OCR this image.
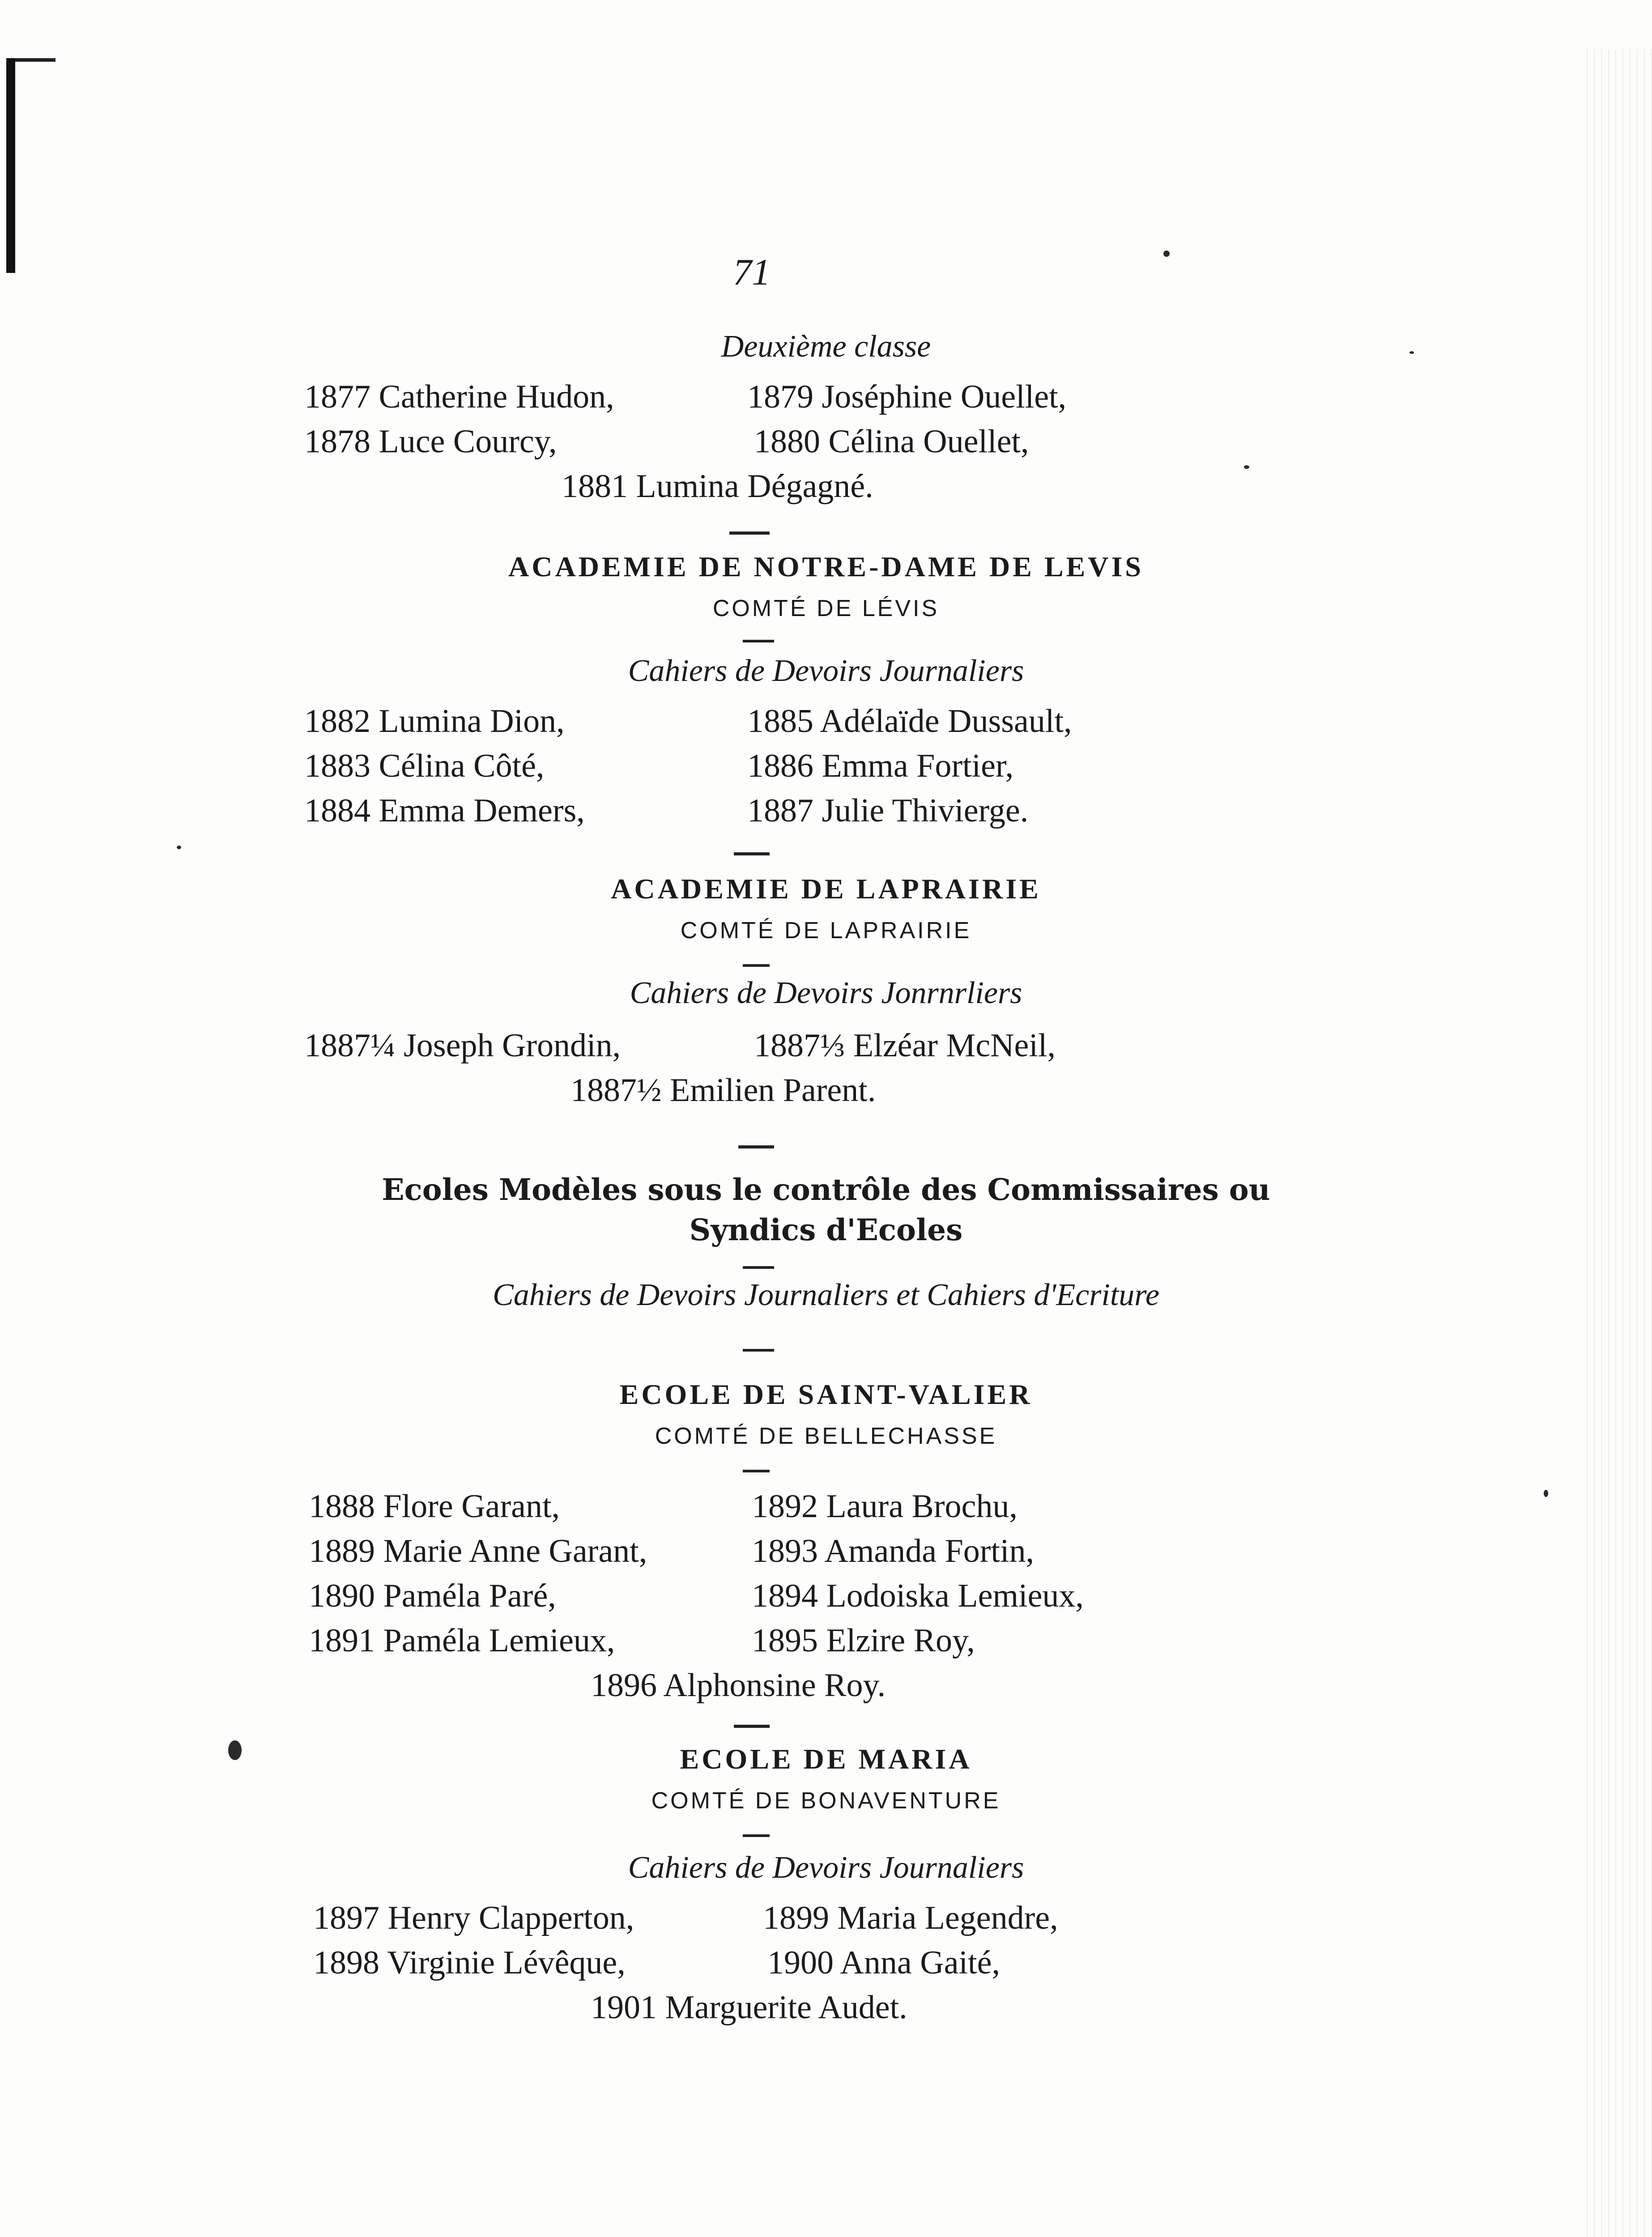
71
Deuxième classe
1877 Catherine Hudon,	1879 Joséphine Ouellet,
1878 Luce Courcy,	1880 Célina Ouellet,
1881 Lumina Dégagné.
ACADEMIE DE NOTRE-DAME DE LEVIS
COMTÉ DE LÉVIS
Cahiers de Devoirs Journaliers
1882 Lumina Dion,	1885 Adélaïde Dussault,
1883 Célina Côté,	1886 Emma Fortier,
1884 Emma Demers,	1887 Julie Thivierge.
ACADEMIE DE LAPRAIRIE
COMTÉ DE LAPRAIRIE
Cahiers de Devoirs Jonrnrliers
1887¼ Joseph Grondin,	1887⅓ Elzéar McNeil,
1887½ Emilien Parent.
Ecoles Modèles sous le contrôle des Commissaires ou
Syndics d'Ecoles
Cahiers de Devoirs Journaliers et Cahiers d'Ecriture
ECOLE DE SAINT-VALIER
COMTÉ DE BELLECHASSE
1888 Flore Garant,	1892 Laura Brochu,
1889 Marie Anne Garant,	1893 Amanda Fortin,
1890 Paméla Paré,	1894 Lodoiska Lemieux,
1891 Paméla Lemieux,	1895 Elzire Roy,
1896 Alphonsine Roy.
ECOLE DE MARIA
COMTÉ DE BONAVENTURE
Cahiers de Devoirs Journaliers
1897 Henry Clapperton,	1899 Maria Legendre,
1898 Virginie Lévêque,	1900 Anna Gaité,
1901 Marguerite Audet.
